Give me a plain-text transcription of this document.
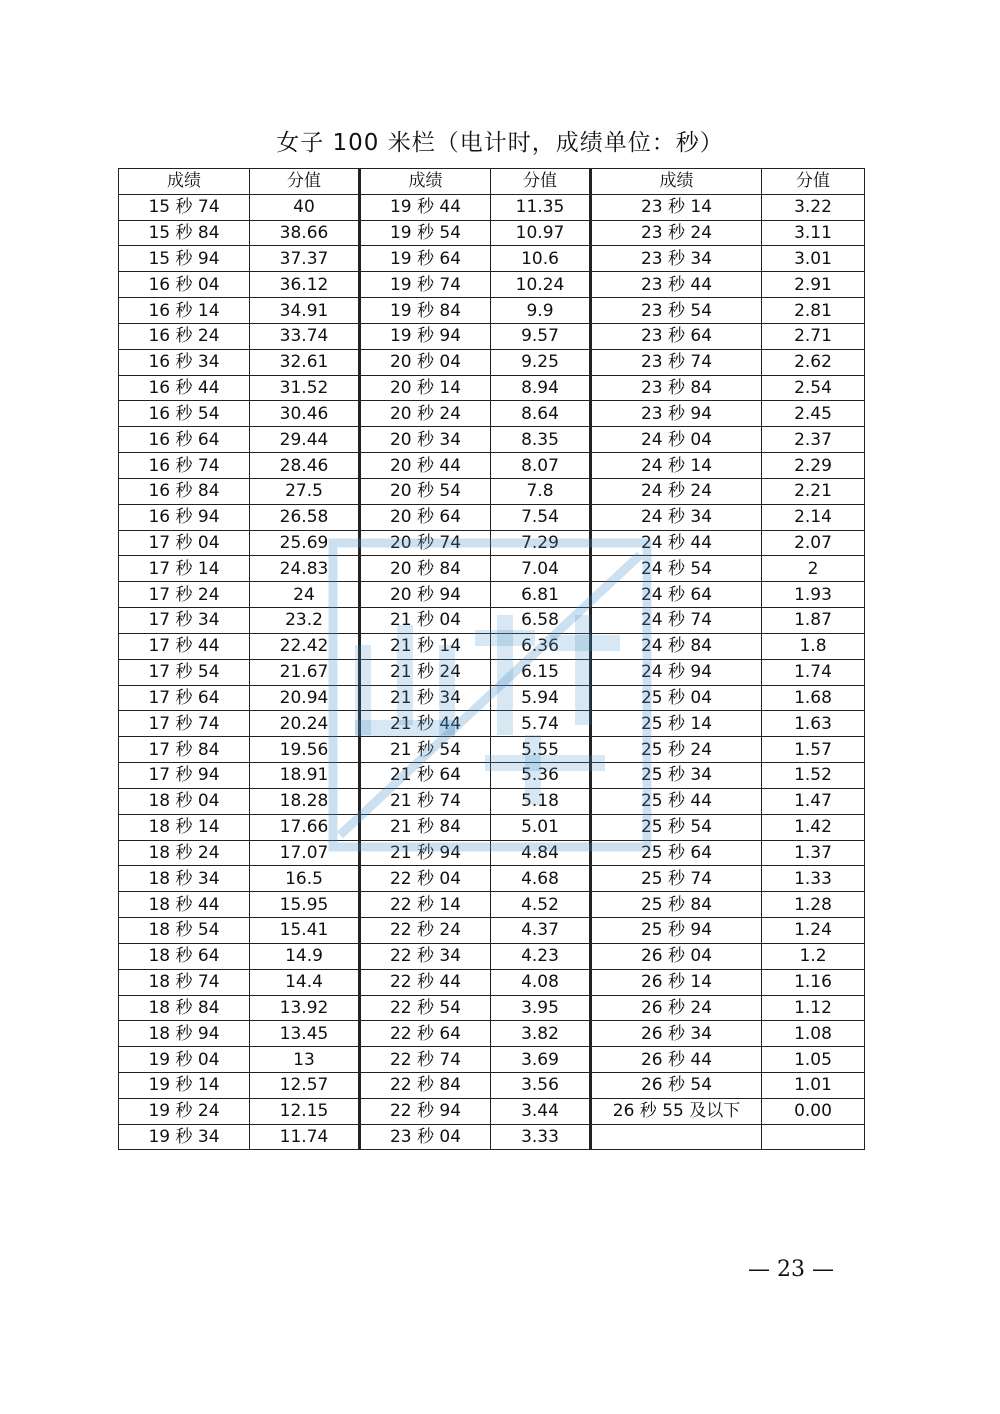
女子 100 米栏（电计时，成绩单位：秒）
成绩	分值	成绩	分值	成绩	分值
15 秒 74	40	19 秒 44	11.35	23 秒 14	3.22
15 秒 84	38.66	19 秒 54	10.97	23 秒 24	3.11
15 秒 94	37.37	19 秒 64	10.6	23 秒 34	3.01
16 秒 04	36.12	19 秒 74	10.24	23 秒 44	2.91
16 秒 14	34.91	19 秒 84	9.9	23 秒 54	2.81
16 秒 24	33.74	19 秒 94	9.57	23 秒 64	2.71
16 秒 34	32.61	20 秒 04	9.25	23 秒 74	2.62
16 秒 44	31.52	20 秒 14	8.94	23 秒 84	2.54
16 秒 54	30.46	20 秒 24	8.64	23 秒 94	2.45
16 秒 64	29.44	20 秒 34	8.35	24 秒 04	2.37
16 秒 74	28.46	20 秒 44	8.07	24 秒 14	2.29
16 秒 84	27.5	20 秒 54	7.8	24 秒 24	2.21
16 秒 94	26.58	20 秒 64	7.54	24 秒 34	2.14
17 秒 04	25.69	20 秒 74	7.29	24 秒 44	2.07
17 秒 14	24.83	20 秒 84	7.04	24 秒 54	2
17 秒 24	24	20 秒 94	6.81	24 秒 64	1.93
17 秒 34	23.2	21 秒 04	6.58	24 秒 74	1.87
17 秒 44	22.42	21 秒 14	6.36	24 秒 84	1.8
17 秒 54	21.67	21 秒 24	6.15	24 秒 94	1.74
17 秒 64	20.94	21 秒 34	5.94	25 秒 04	1.68
17 秒 74	20.24	21 秒 44	5.74	25 秒 14	1.63
17 秒 84	19.56	21 秒 54	5.55	25 秒 24	1.57
17 秒 94	18.91	21 秒 64	5.36	25 秒 34	1.52
18 秒 04	18.28	21 秒 74	5.18	25 秒 44	1.47
18 秒 14	17.66	21 秒 84	5.01	25 秒 54	1.42
18 秒 24	17.07	21 秒 94	4.84	25 秒 64	1.37
18 秒 34	16.5	22 秒 04	4.68	25 秒 74	1.33
18 秒 44	15.95	22 秒 14	4.52	25 秒 84	1.28
18 秒 54	15.41	22 秒 24	4.37	25 秒 94	1.24
18 秒 64	14.9	22 秒 34	4.23	26 秒 04	1.2
18 秒 74	14.4	22 秒 44	4.08	26 秒 14	1.16
18 秒 84	13.92	22 秒 54	3.95	26 秒 24	1.12
18 秒 94	13.45	22 秒 64	3.82	26 秒 34	1.08
19 秒 04	13	22 秒 74	3.69	26 秒 44	1.05
19 秒 14	12.57	22 秒 84	3.56	26 秒 54	1.01
19 秒 24	12.15	22 秒 94	3.44	26 秒 55 及以下	0.00
19 秒 34	11.74	23 秒 04	3.33		
— 23 —
